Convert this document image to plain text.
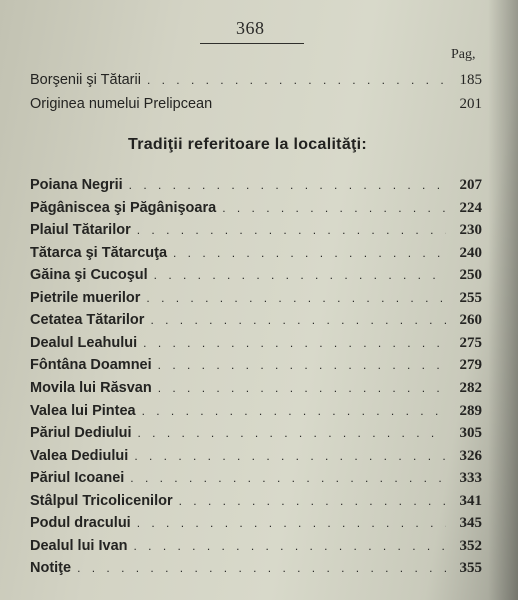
368
Pag,
Borşenii şi Tătarii . . .	185
Originea numelui Prelipcean	201
Tradiţii referitoare la localităţi:
Poiana Negrii . . .	207
Păgâniscea şi Păgânişoara . . .	224
Plaiul Tătarilor . . .	230
Tătarca şi Tătarcuţa . . .	240
Găina şi Cucoşul . . .	250
Pietrile muerilor . . .	255
Cetatea Tătarilor . . .	260
Dealul Leahului . . .	275
Fôntâna Doamnei . . .	279
Movila lui Răsvan . . .	282
Valea lui Pintea . . .	289
Păriul Dediului . . .	305
Valea Dediului . . .	326
Păriul Icoanei . . .	333
Stâlpul Tricolicenilor . . .	341
Podul dracului . . .	345
Dealul lui Ivan . . .	352
Notiţe . . .	355
